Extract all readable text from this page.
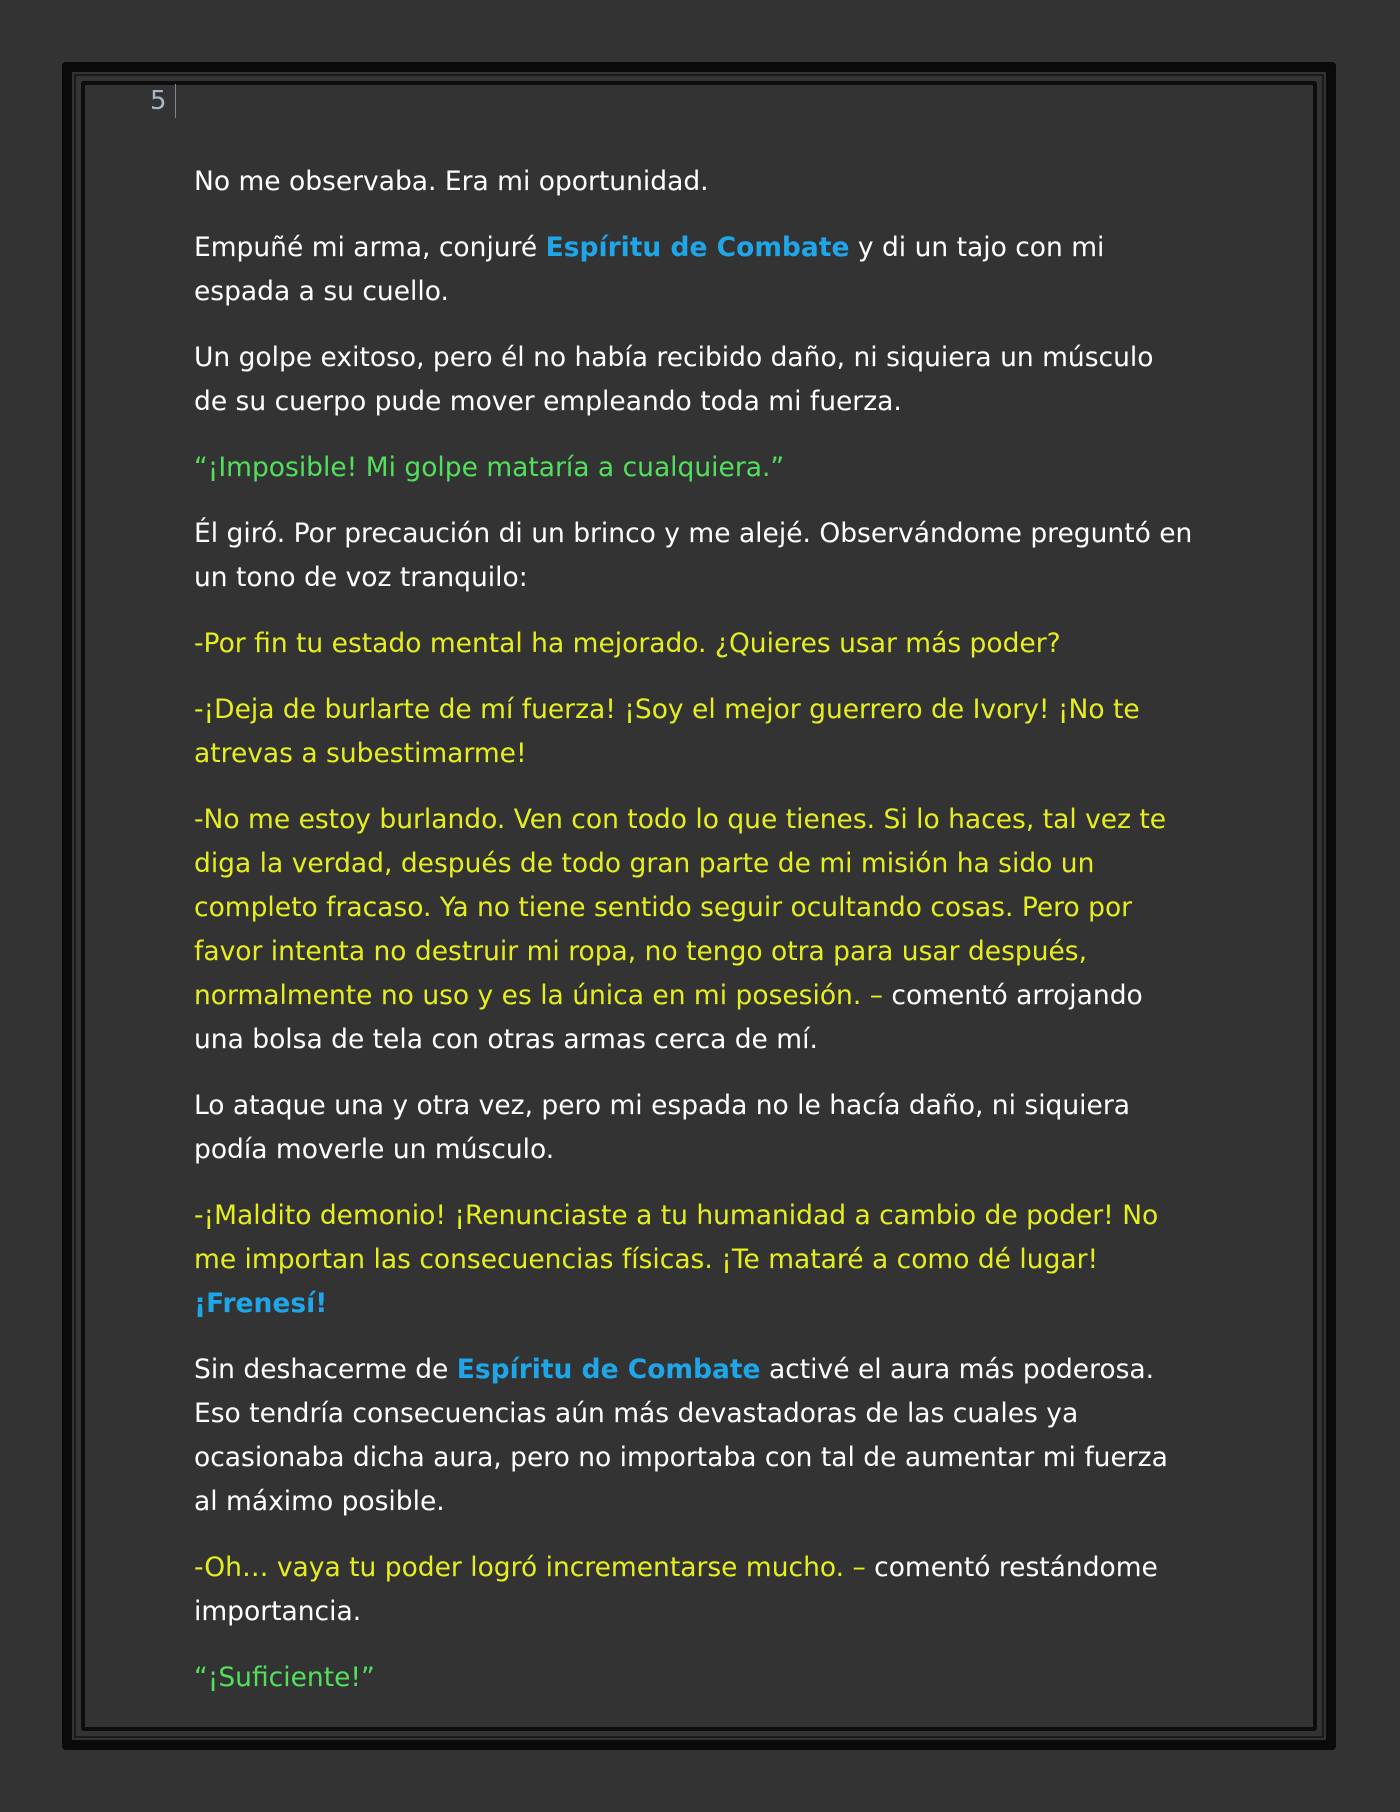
5

No me observaba. Era mi oportunidad.

Empuñé mi arma, conjuré Espíritu de Combate y di un tajo con mi espada a su cuello.

Un golpe exitoso, pero él no había recibido daño, ni siquiera un músculo de su cuerpo pude mover empleando toda mi fuerza.

“¡Imposible! Mi golpe mataría a cualquiera.”

Él giró. Por precaución di un brinco y me alejé. Observándome preguntó en un tono de voz tranquilo:

-Por fin tu estado mental ha mejorado. ¿Quieres usar más poder?

-¡Deja de burlarte de mí fuerza! ¡Soy el mejor guerrero de Ivory! ¡No te atrevas a subestimarme!

-No me estoy burlando. Ven con todo lo que tienes. Si lo haces, tal vez te diga la verdad, después de todo gran parte de mi misión ha sido un completo fracaso. Ya no tiene sentido seguir ocultando cosas. Pero por favor intenta no destruir mi ropa, no tengo otra para usar después, normalmente no uso y es la única en mi posesión. – comentó arrojando una bolsa de tela con otras armas cerca de mí.

Lo ataque una y otra vez, pero mi espada no le hacía daño, ni siquiera podía moverle un músculo.

-¡Maldito demonio! ¡Renunciaste a tu humanidad a cambio de poder! No me importan las consecuencias físicas. ¡Te mataré a como dé lugar! ¡Frenesí!

Sin deshacerme de Espíritu de Combate activé el aura más poderosa. Eso tendría consecuencias aún más devastadoras de las cuales ya ocasionaba dicha aura, pero no importaba con tal de aumentar mi fuerza al máximo posible.

-Oh… vaya tu poder logró incrementarse mucho. – comentó restándome importancia.

“¡Suficiente!”
